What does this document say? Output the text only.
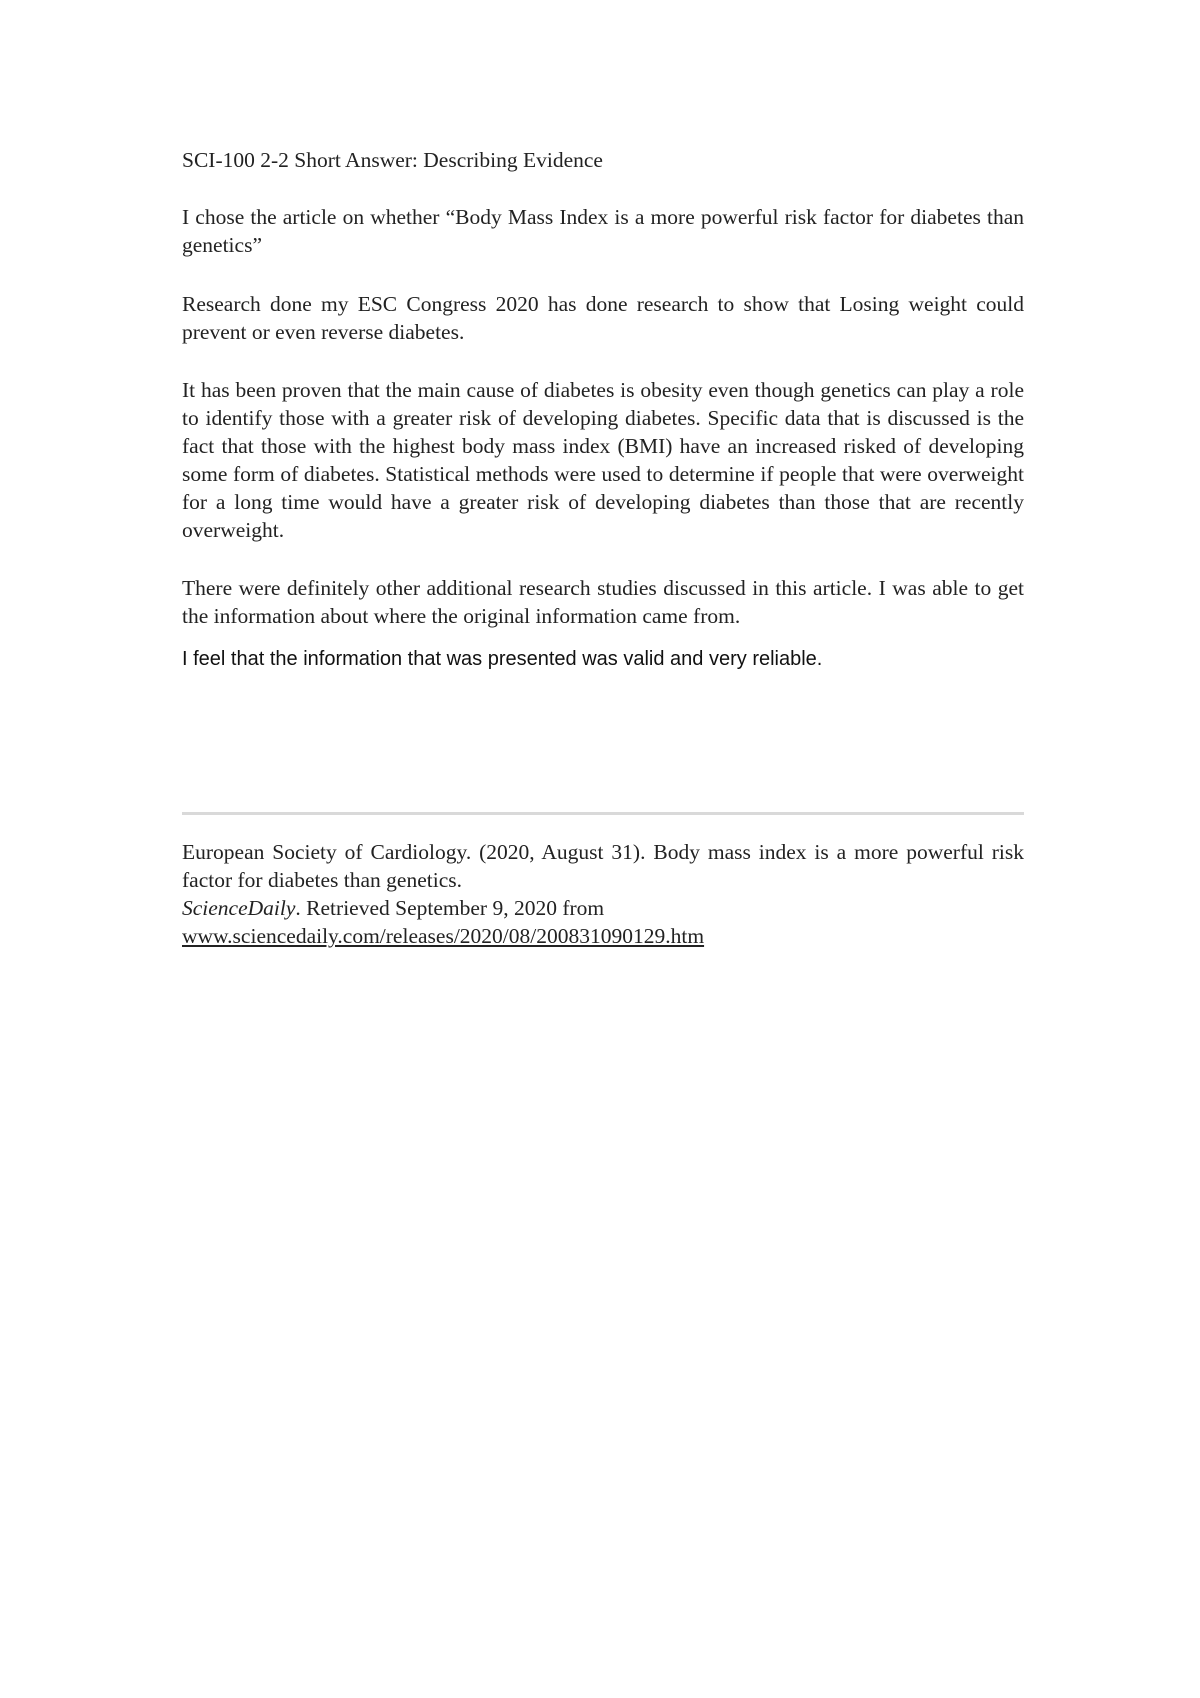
SCI-100 2-2 Short Answer: Describing Evidence

I chose the article on whether “Body Mass Index is a more powerful risk factor for diabetes than genetics”

Research done my ESC Congress 2020 has done research to show that Losing weight could prevent or even reverse diabetes.

It has been proven that the main cause of diabetes is obesity even though genetics can play a role to identify those with a greater risk of developing diabetes. Specific data that is discussed is the fact that those with the highest body mass index (BMI) have an increased risked of developing some form of diabetes. Statistical methods were used to determine if people that were overweight for a long time would have a greater risk of developing diabetes than those that are recently overweight.

There were definitely other additional research studies discussed in this article. I was able to get the information about where the original information came from.

I feel that the information that was presented was valid and very reliable.

European Society of Cardiology. (2020, August 31). Body mass index is a more powerful risk factor for diabetes than genetics.
ScienceDaily. Retrieved September 9, 2020 from
www.sciencedaily.com/releases/2020/08/200831090129.htm
